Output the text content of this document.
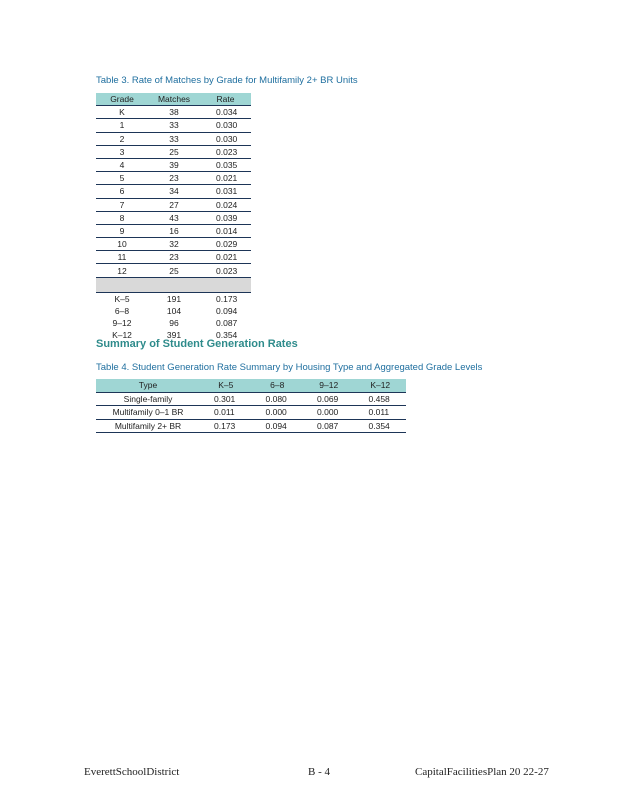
Table 3. Rate of Matches by Grade for Multifamily 2+ BR Units
Grade	Matches	Rate
K	38	0.034
1	33	0.030
2	33	0.030
3	25	0.023
4	39	0.035
5	23	0.021
6	34	0.031
7	27	0.024
8	43	0.039
9	16	0.014
10	32	0.029
11	23	0.021
12	25	0.023

K–5	191	0.173
6–8	104	0.094
9–12	96	0.087
K–12	391	0.354
Summary of Student Generation Rates
Table 4. Student Generation Rate Summary by Housing Type and Aggregated Grade Levels
Type	K–5	6–8	9–12	K–12
Single-family	0.301	0.080	0.069	0.458
Multifamily 0–1 BR	0.011	0.000	0.000	0.011
Multifamily 2+ BR	0.173	0.094	0.087	0.354
EverettSchoolDistrict	B - 4	CapitalFacilitiesPlan 20 22-27
